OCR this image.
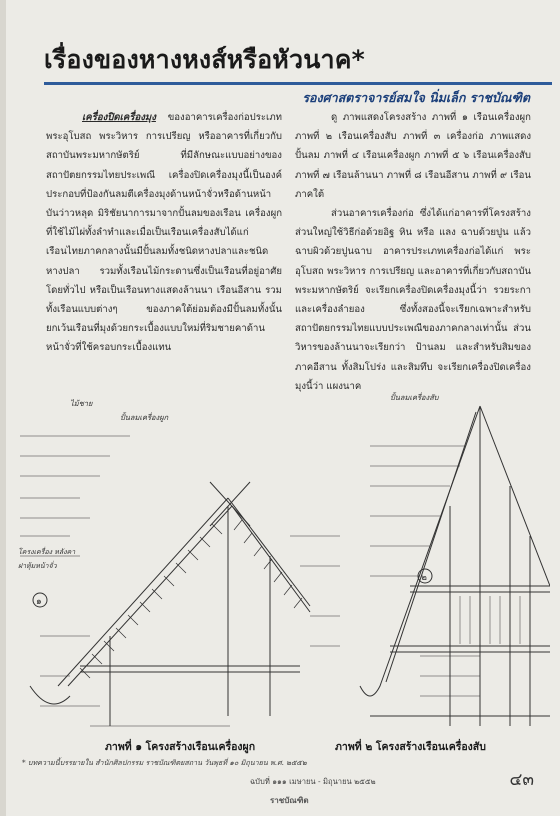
เรื่องของหางหงส์หรือหัวนาค*
รองศาสตราจารย์สมใจ นิ่มเล็ก ราชบัณฑิต

เครื่องปิดเครื่องมุง ของอาคารเครื่องก่อประเภทพระอุโบสถ พระวิหาร การเปรียญ หรืออาคารที่เกี่ยวกับสถาบันพระมหากษัตริย์ ที่มีลักษณะแบบอย่างของสถาปัตยกรรมไทยประเพณี เครื่องปิดเครื่องมุงนี้เป็นองค์ประกอบที่ป้องกันลมตีเครื่องมุงด้านหน้าจั่วหรือด้านหน้าบันว่าวหลุด มิริชัยนาการมาจากปั้นลมของเรือน เครื่องผูกที่ใช้ไม้ไผ่ทั้งลำทำและเมื่อเป็นเรือนเครื่องสับได้แก่เรือนไทยภาคกลางนั้นมีปั้นลมทั้งชนิดหางปลาและชนิดหางปลา รวมทั้งเรือนไม้กระดานซึ่งเป็นเรือนที่อยู่อาศัยโดยทั่วไป หรือเป็นเรือนทางแสดงล้านนา เรือนอีสาน รวมทั้งเรือนแบบต่างๆ ของภาคใต้ย่อมต้องมีปั้นลมทั้งนั้น ยกเว้นเรือนที่มุงด้วยกระเบื้องแบบใหม่ที่ริมชายคาด้านหน้าจั่วที่ใช้ครอบกระเบื้องแทน

ดู ภาพแสดงโครงสร้าง ภาพที่ ๑ เรือนเครื่องผูก ภาพที่ ๒ เรือนเครื่องสับ ภาพที่ ๓ เครื่องก่อ ภาพแสดงปั้นลม ภาพที่ ๔ เรือนเครื่องผูก ภาพที่ ๕ ๖ เรือนเครื่องสับ ภาพที่ ๗ เรือนล้านนา ภาพที่ ๘ เรือนอีสาน ภาพที่ ๙ เรือนภาคใต้

ส่วนอาคารเครื่องก่อ ซึ่งได้แก่อาคารที่โครงสร้างส่วนใหญ่ใช้วิธีก่อด้วยอิฐ หิน หรือ แลง ฉาบด้วยปูน แล้วฉาบผิวด้วยปูนฉาบ อาคารประเภทเครื่องก่อได้แก่ พระอุโบสถ พระวิหาร การเปรียญ และอาคารที่เกี่ยวกับสถาบันพระมหากษัตริย์ จะเรียกเครื่องปิดเครื่องมุงนี้ว่า รวยระกา และเครื่องลำยอง ซึ่งทั้งสองนี้จะเรียกเฉพาะสำหรับสถาปัตยกรรมไทยแบบประเพณีของภาคกลางเท่านั้น ส่วนวิหารของล้านนาจะเรียกว่า ป้านลม และสำหรับสิมของภาคอีสาน ทั้งสิมโปร่ง และสิมทึบ จะเรียกเครื่องปิดเครื่องมุงนี้ว่า แผงนาค

ไม้ชาย
ปั้นลมเครื่องผูก
โครงเครื่อง หลังคา
ฝาหุ้มหน้าจั่ว
๑
ปั้นลมเครื่องสับ
๒
ภาพที่ ๑ โครงสร้างเรือนเครื่องผูก	ภาพที่ ๒ โครงสร้างเรือนเครื่องสับ
* บทความนี้บรรยายใน สำนักศิลปกรรม ราชบัณฑิตยสถาน วันพุธที่ ๑๐ มิถุนายน พ.ศ. ๒๕๕๒
ฉบับที่ ๑๑๑ เมษายน - มิถุนายน ๒๕๕๒	๔๓
ราชบัณฑิต
